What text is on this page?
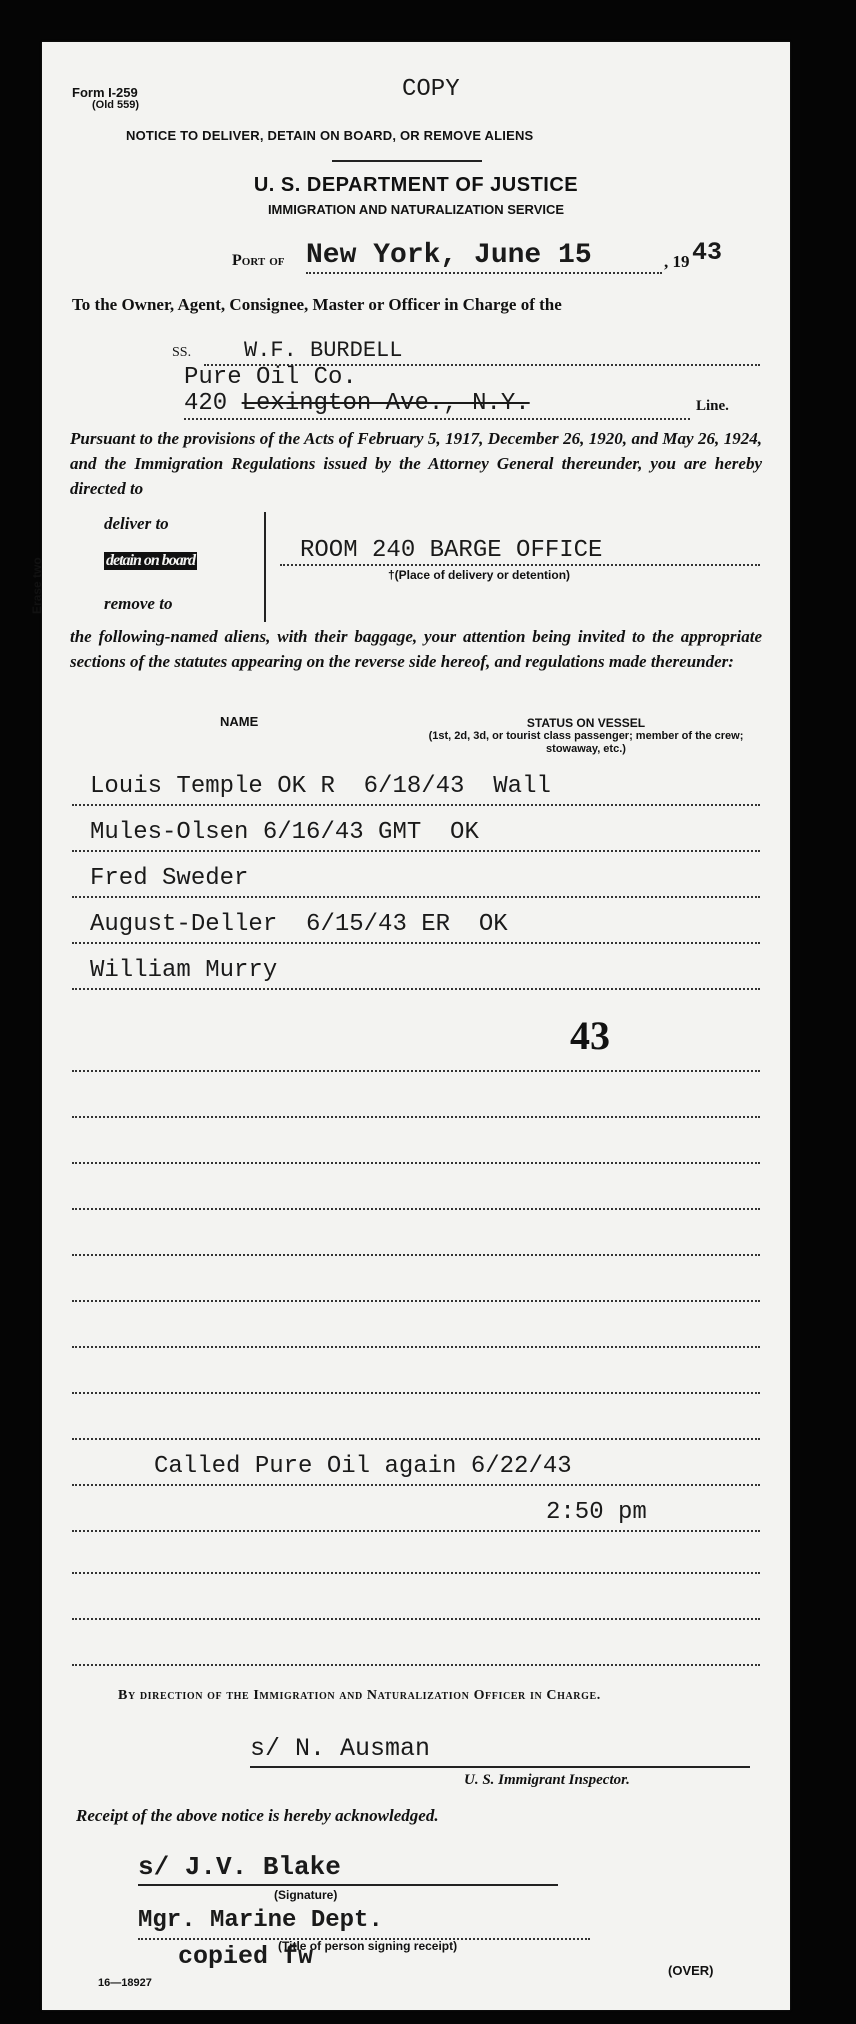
Form I-259
(Old 559)
COPY
NOTICE TO DELIVER, DETAIN ON BOARD, OR REMOVE ALIENS
U. S. DEPARTMENT OF JUSTICE
IMMIGRATION AND NATURALIZATION SERVICE
Port of New York, June 15	, 19 43
To the Owner, Agent, Consignee, Master or Officer in Charge of the
SS.	W.F. BURDELL
Pure Oil Co.
420 Lexington Ave., N.Y.	Line.
Pursuant to the provisions of the Acts of February 5, 1917, December 26, 1920, and May 26, 1924, and the Immigration Regulations issued by the Attorney General thereunder, you are hereby directed to
Erase two
deliver to
detain on board
remove to
ROOM 240 BARGE OFFICE
†(Place of delivery or detention)
the following-named aliens, with their baggage, your attention being invited to the appropriate sections of the statutes appearing on the reverse side hereof, and regulations made thereunder:
NAME	STATUS ON VESSEL
(1st, 2d, 3d, or tourist class passenger; member of the crew; stowaway, etc.)
Louis Temple OK R  6/18/43  Wall
Mules-Olsen 6/16/43 GMT  OK
Fred Sweder
August-Deller  6/15/43 ER  OK
William Murry
43
Called Pure Oil again 6/22/43
2:50 pm
By direction of the Immigration and Naturalization Officer in Charge.
s/ N. Ausman
U. S. Immigrant Inspector.
Receipt of the above notice is hereby acknowledged.
s/ J.V. Blake
(Signature)
Mgr. Marine Dept.
(Title of person signing receipt)
copied fw
16—18927
(OVER)
